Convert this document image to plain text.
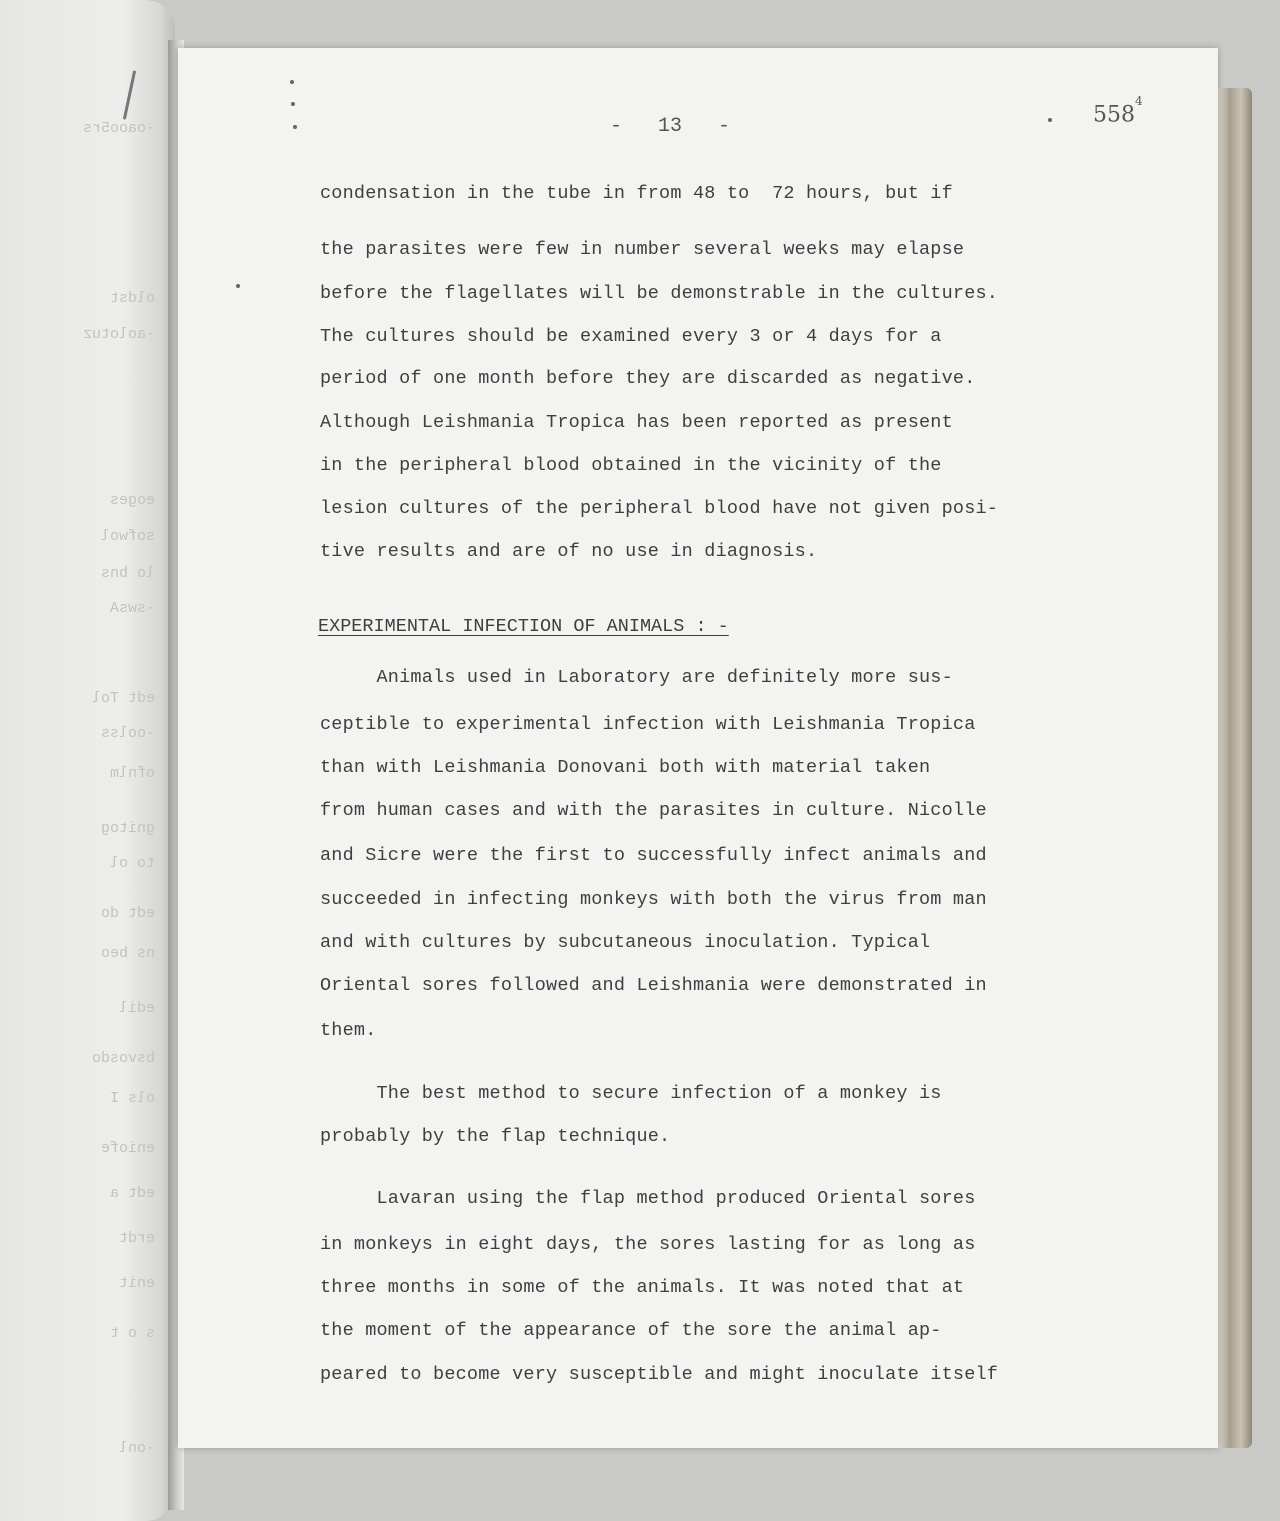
-oaoo5rs
oldst
-aolotuz
eoges
sofwol
lo bns
-swsA
edt Tol
-oolss
ofnlm
gnitog
to ol
edt do
ns beo
edil
bsvosdo
ols I
eniofe
edt a
erdt
enit
s o t
-onl
$558^4$
-   13   -
condensation in the tube in from 48 to  72 hours, but if
the parasites were few in number several weeks may elapse
before the flagellates will be demonstrable in the cultures.
The cultures should be examined every 3 or 4 days for a
period of one month before they are discarded as negative.
Although Leishmania Tropica has been reported as present
in the peripheral blood obtained in the vicinity of the
lesion cultures of the peripheral blood have not given posi-
tive results and are of no use in diagnosis.
EXPERIMENTAL INFECTION OF ANIMALS : -
Animals used in Laboratory are definitely more sus-
ceptible to experimental infection with Leishmania Tropica
than with Leishmania Donovani both with material taken
from human cases and with the parasites in culture. Nicolle
and Sicre were the first to successfully infect animals and
succeeded in infecting monkeys with both the virus from man
and with cultures by subcutaneous inoculation. Typical
Oriental sores followed and Leishmania were demonstrated in
them.
The best method to secure infection of a monkey is
probably by the flap technique.
Lavaran using the flap method produced Oriental sores
in monkeys in eight days, the sores lasting for as long as
three months in some of the animals. It was noted that at
the moment of the appearance of the sore the animal ap-
peared to become very susceptible and might inoculate itself
